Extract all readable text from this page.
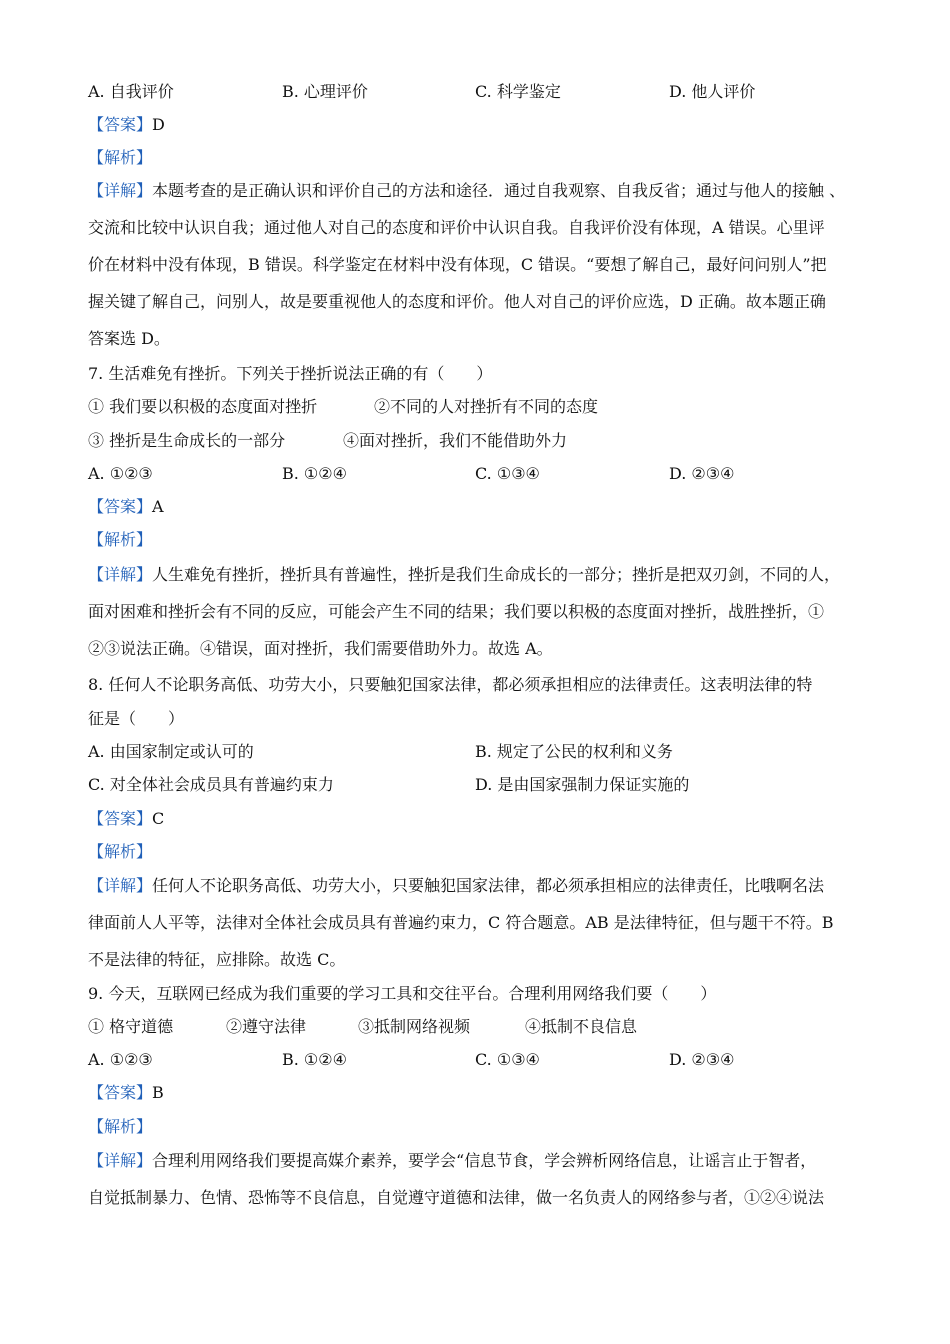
A. 自我评价	B. 心理评价	C. 科学鉴定	D. 他人评价
【答案】D
【解析】
【详解】本题考查的是正确认识和评价自己的方法和途径．通过自我观察、自我反省；通过与他人的接触 、
交流和比较中认识自我；通过他人对自己的态度和评价中认识自我。自我评价没有体现，A 错误。心里评
价在材料中没有体现，B 错误。科学鉴定在材料中没有体现，C 错误。“要想了解自己，最好问问别人”把
握关键了解自己，问别人，故是要重视他人的态度和评价。他人对自己的评价应选，D 正确。故本题正确
答案选 D。
7. 生活难免有挫折。下列关于挫折说法正确的有（　　）
① 我们要以积极的态度面对挫折	②不同的人对挫折有不同的态度
③ 挫折是生命成长的一部分	④面对挫折，我们不能借助外力
A. ①②③	B. ①②④	C. ①③④	D. ②③④
【答案】A
【解析】
【详解】人生难免有挫折，挫折具有普遍性，挫折是我们生命成长的一部分；挫折是把双刃剑，不同的人，
面对困难和挫折会有不同的反应，可能会产生不同的结果；我们要以积极的态度面对挫折，战胜挫折，①
②③说法正确。④错误，面对挫折，我们需要借助外力。故选 A。
8. 任何人不论职务高低、功劳大小，只要触犯国家法律，都必须承担相应的法律责任。这表明法律的特
征是（　　）
A. 由国家制定或认可的	B. 规定了公民的权利和义务
C. 对全体社会成员具有普遍约束力	D. 是由国家强制力保证实施的
【答案】C
【解析】
【详解】任何人不论职务高低、功劳大小，只要触犯国家法律，都必须承担相应的法律责任，比哦啊名法
律面前人人平等，法律对全体社会成员具有普遍约束力，C 符合题意。AB 是法律特征，但与题干不符。B
不是法律的特征，应排除。故选 C。
9. 今天，互联网已经成为我们重要的学习工具和交往平台。合理利用网络我们要（　　）
① 格守道德	②遵守法律	③抵制网络视频	④抵制不良信息
A. ①②③	B. ①②④	C. ①③④	D. ②③④
【答案】B
【解析】
【详解】合理利用网络我们要提高媒介素养，要学会“信息节食，学会辨析网络信息，让谣言止于智者，
自觉抵制暴力、色情、恐怖等不良信息，自觉遵守道德和法律，做一名负责人的网络参与者，①②④说法
